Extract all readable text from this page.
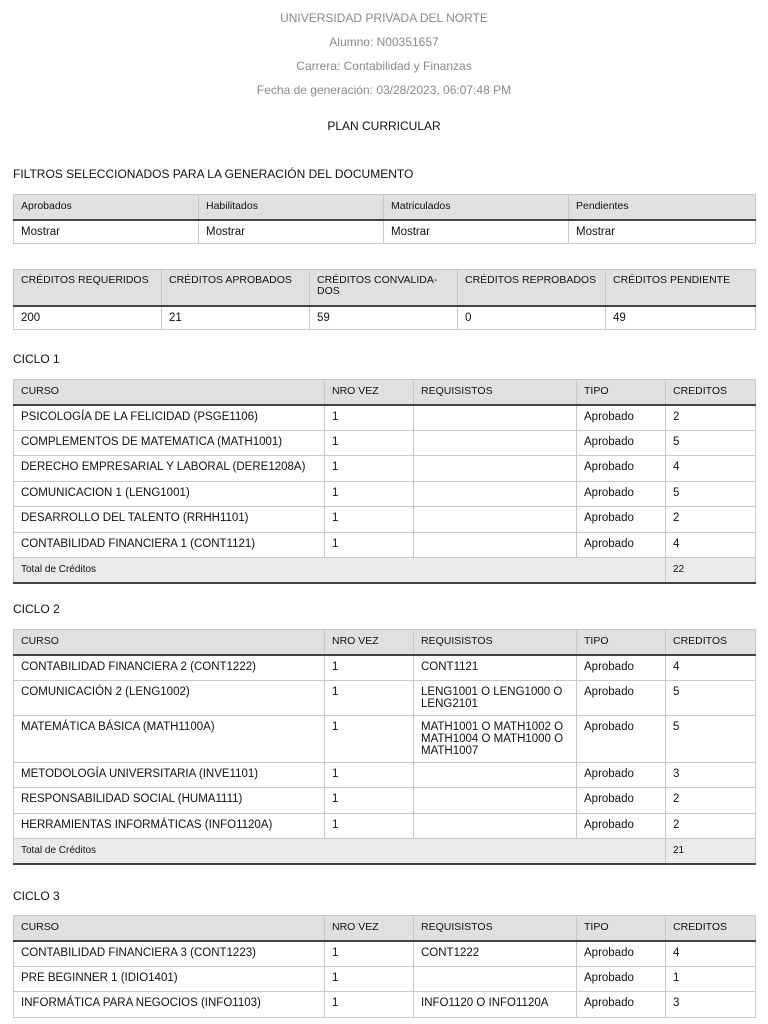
UNIVERSIDAD PRIVADA DEL NORTE
Alumno: N00351657
Carrera: Contabilidad y Finanzas
Fecha de generación: 03/28/2023, 06:07:48 PM
PLAN CURRICULAR
FILTROS SELECCIONADOS PARA LA GENERACIÓN DEL DOCUMENTO
Aprobados	Habilitados	Matriculados	Pendientes
Mostrar	Mostrar	Mostrar	Mostrar
CRÉDITOS REQUERIDOS	CRÉDITOS APROBADOS	CRÉDITOS CONVALIDA-DOS	CRÉDITOS REPROBADOS	CRÉDITOS PENDIENTE
200	21	59	0	49
CICLO 1
CURSO	NRO VEZ	REQUISISTOS	TIPO	CREDITOS
PSICOLOGÍA DE LA FELICIDAD (PSGE1106)	1		Aprobado	2
COMPLEMENTOS DE MATEMATICA (MATH1001)	1		Aprobado	5
DERECHO EMPRESARIAL Y LABORAL (DERE1208A)	1		Aprobado	4
COMUNICACION 1 (LENG1001)	1		Aprobado	5
DESARROLLO DEL TALENTO (RRHH1101)	1		Aprobado	2
CONTABILIDAD FINANCIERA 1 (CONT1121)	1		Aprobado	4
Total de Créditos				22
CICLO 2
CURSO	NRO VEZ	REQUISISTOS	TIPO	CREDITOS
CONTABILIDAD FINANCIERA 2 (CONT1222)	1	CONT1121	Aprobado	4
COMUNICACIÓN 2 (LENG1002)	1	LENG1001 O LENG1000 O LENG2101	Aprobado	5
MATEMÁTICA BÁSICA (MATH1100A)	1	MATH1001 O MATH1002 O MATH1004 O MATH1000 O MATH1007	Aprobado	5
METODOLOGÍA UNIVERSITARIA (INVE1101)	1		Aprobado	3
RESPONSABILIDAD SOCIAL (HUMA1111)	1		Aprobado	2
HERRAMIENTAS INFORMÁTICAS (INFO1120A)	1		Aprobado	2
Total de Créditos				21
CICLO 3
CURSO	NRO VEZ	REQUISISTOS	TIPO	CREDITOS
CONTABILIDAD FINANCIERA 3 (CONT1223)	1	CONT1222	Aprobado	4
PRE BEGINNER 1 (IDIO1401)	1		Aprobado	1
INFORMÁTICA PARA NEGOCIOS (INFO1103)	1	INFO1120 O INFO1120A	Aprobado	3
